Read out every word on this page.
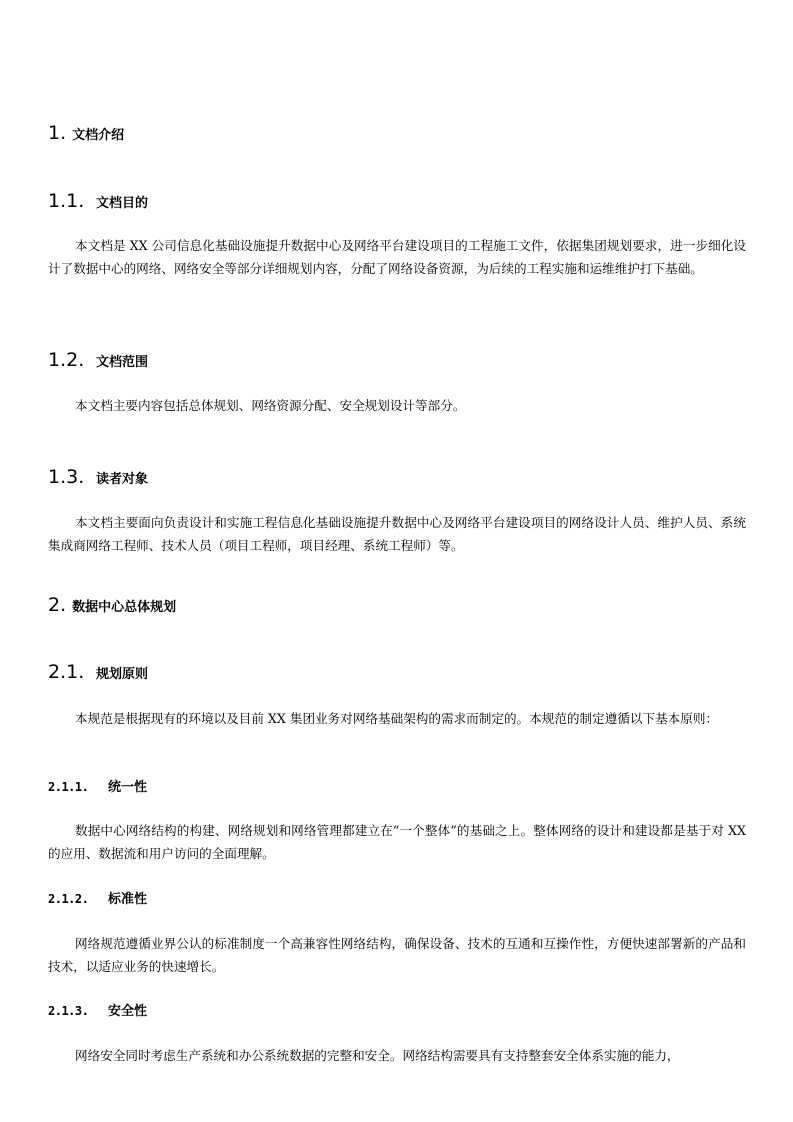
1. 文档介绍
1.1. 文档目的
本文档是 XX 公司信息化基础设施提升数据中心及网络平台建设项目的工程施工文件，依据集团规划要求，进一步细化设计了数据中心的网络、网络安全等部分详细规划内容，分配了网络设备资源，为后续的工程实施和运维维护打下基础。
1.2. 文档范围
本文档主要内容包括总体规划、网络资源分配、安全规划设计等部分。
1.3. 读者对象
本文档主要面向负责设计和实施工程信息化基础设施提升数据中心及网络平台建设项目的网络设计人员、维护人员、系统集成商网络工程师、技术人员（项目工程师，项目经理、系统工程师）等。
2. 数据中心总体规划
2.1. 规划原则
本规范是根据现有的环境以及目前 XX 集团业务对网络基础架构的需求而制定的。本规范的制定遵循以下基本原则：
2.1.1.	统一性
数据中心网络结构的构建、网络规划和网络管理都建立在“一个整体”的基础之上。整体网络的设计和建设都是基于对 XX 的应用、数据流和用户访问的全面理解。
2.1.2.	标准性
网络规范遵循业界公认的标准制度一个高兼容性网络结构，确保设备、技术的互通和互操作性，方便快速部署新的产品和技术，以适应业务的快速增长。
2.1.3.	安全性
网络安全同时考虑生产系统和办公系统数据的完整和安全。网络结构需要具有支持整套安全体系实施的能力，
